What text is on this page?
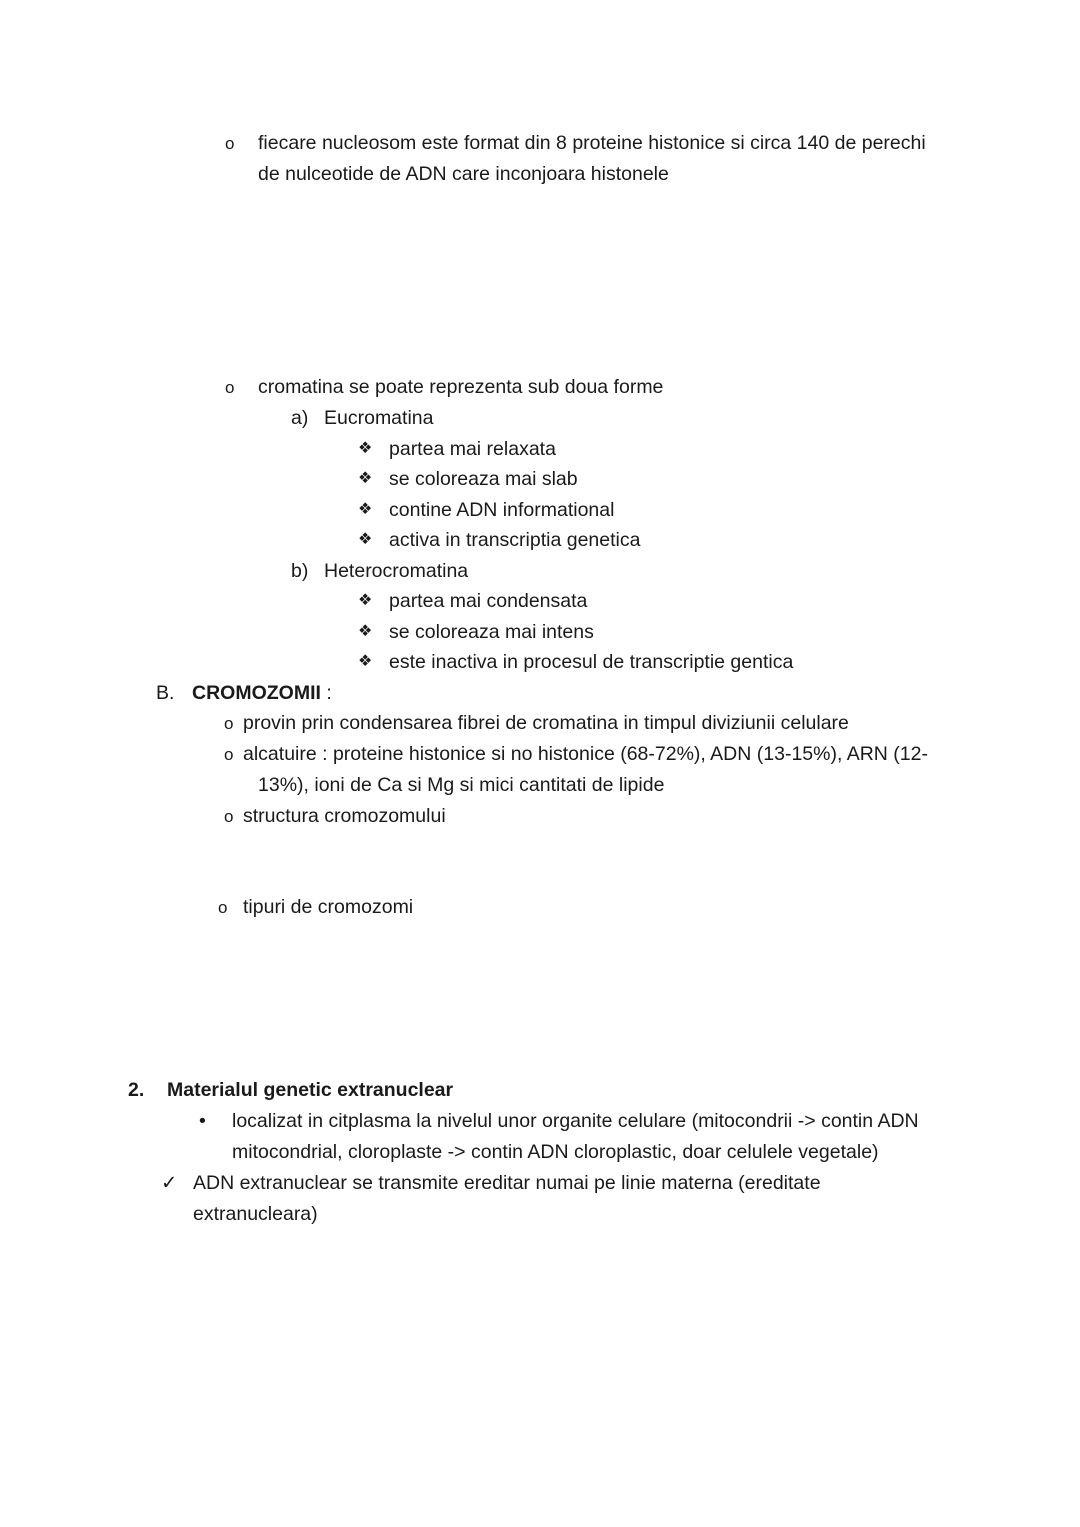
o fiecare nucleosom este format din 8 proteine histonice si circa 140 de perechi
de nulceotide de ADN care inconjoara histonele
o cromatina se poate reprezenta sub doua forme
a) Eucromatina
❖ partea mai relaxata
❖ se coloreaza mai slab
❖ contine ADN informational
❖ activa in transcriptia genetica
b) Heterocromatina
❖ partea mai condensata
❖ se coloreaza mai intens
❖ este inactiva in procesul de transcriptie gentica
B. CROMOZOMII :
o provin prin condensarea fibrei de cromatina in timpul diviziunii celulare
o alcatuire : proteine histonice si no histonice (68-72%), ADN (13-15%), ARN (12-
13%), ioni de Ca si Mg si mici cantitati de lipide
o structura cromozomului
o tipuri de cromozomi
2. Materialul genetic extranuclear
• localizat in citplasma la nivelul unor organite celulare (mitocondrii -> contin ADN
mitocondrial, cloroplaste -> contin ADN cloroplastic, doar celulele vegetale)
✓ ADN extranuclear se transmite ereditar numai pe linie materna (ereditate
extranucleara)
